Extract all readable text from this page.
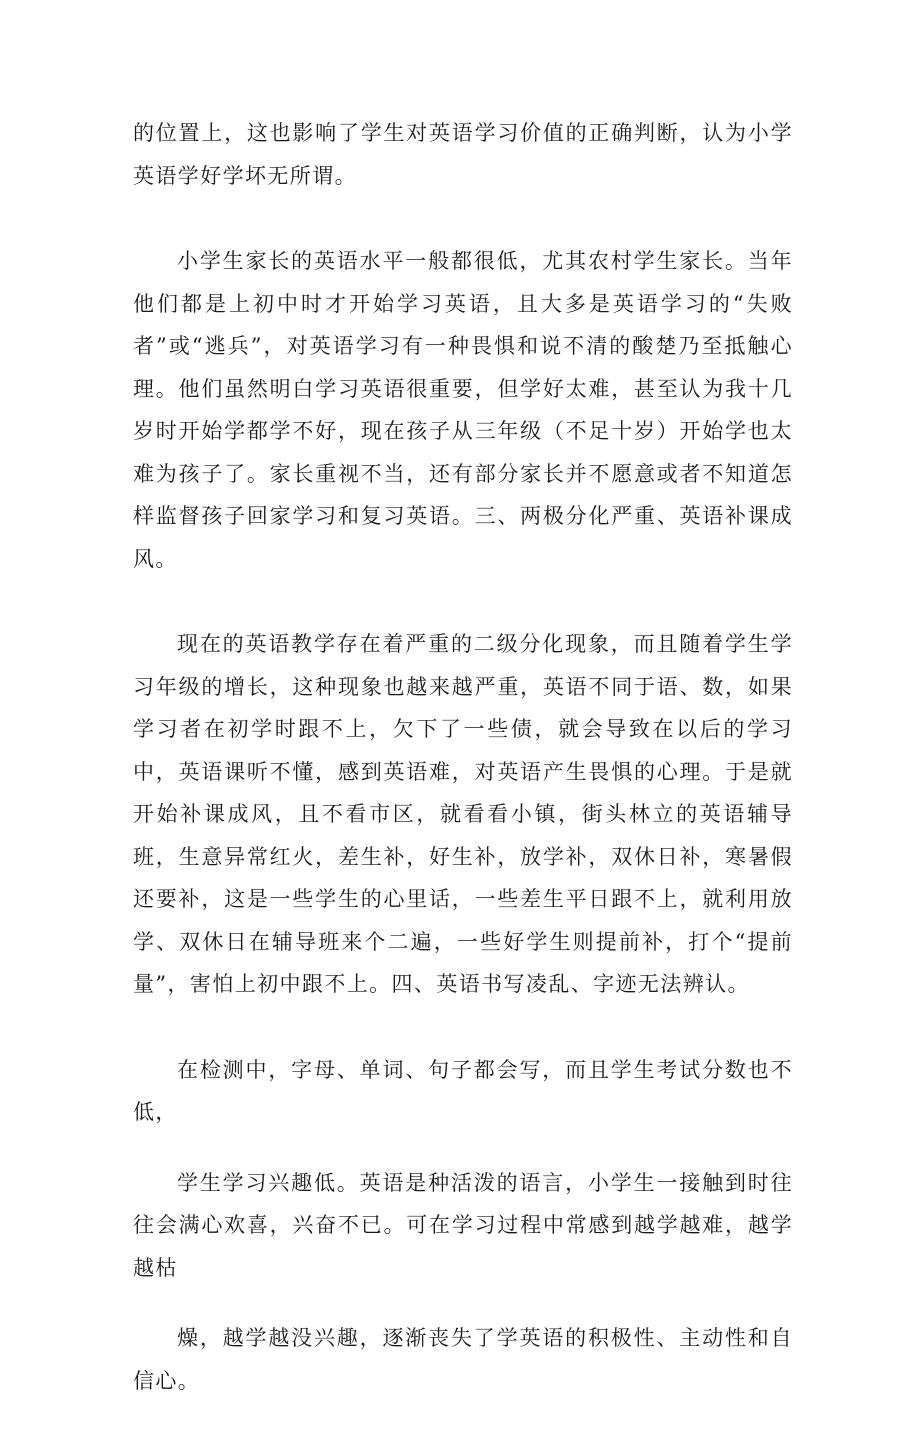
的位置上，这也影响了学生对英语学习价值的正确判断，认为小学英语学好学坏无所谓。

小学生家长的英语水平一般都很低，尤其农村学生家长。当年他们都是上初中时才开始学习英语，且大多是英语学习的“失败者”或“逃兵”，对英语学习有一种畏惧和说不清的酸楚乃至抵触心理。他们虽然明白学习英语很重要，但学好太难，甚至认为我十几岁时开始学都学不好，现在孩子从三年级（不足十岁）开始学也太难为孩子了。家长重视不当，还有部分家长并不愿意或者不知道怎样监督孩子回家学习和复习英语。三、两极分化严重、英语补课成风。

现在的英语教学存在着严重的二级分化现象，而且随着学生学习年级的增长，这种现象也越来越严重，英语不同于语、数，如果学习者在初学时跟不上，欠下了一些债，就会导致在以后的学习中，英语课听不懂，感到英语难，对英语产生畏惧的心理。于是就开始补课成风，且不看市区，就看看小镇，街头林立的英语辅导班，生意异常红火，差生补，好生补，放学补，双休日补，寒暑假还要补，这是一些学生的心里话，一些差生平日跟不上，就利用放学、双休日在辅导班来个二遍，一些好学生则提前补，打个“提前量”，害怕上初中跟不上。四、英语书写凌乱、字迹无法辨认。

在检测中，字母、单词、句子都会写，而且学生考试分数也不低，

学生学习兴趣低。英语是种活泼的语言，小学生一接触到时往往会满心欢喜，兴奋不已。可在学习过程中常感到越学越难，越学越枯

燥，越学越没兴趣，逐渐丧失了学英语的积极性、主动性和自信心。
